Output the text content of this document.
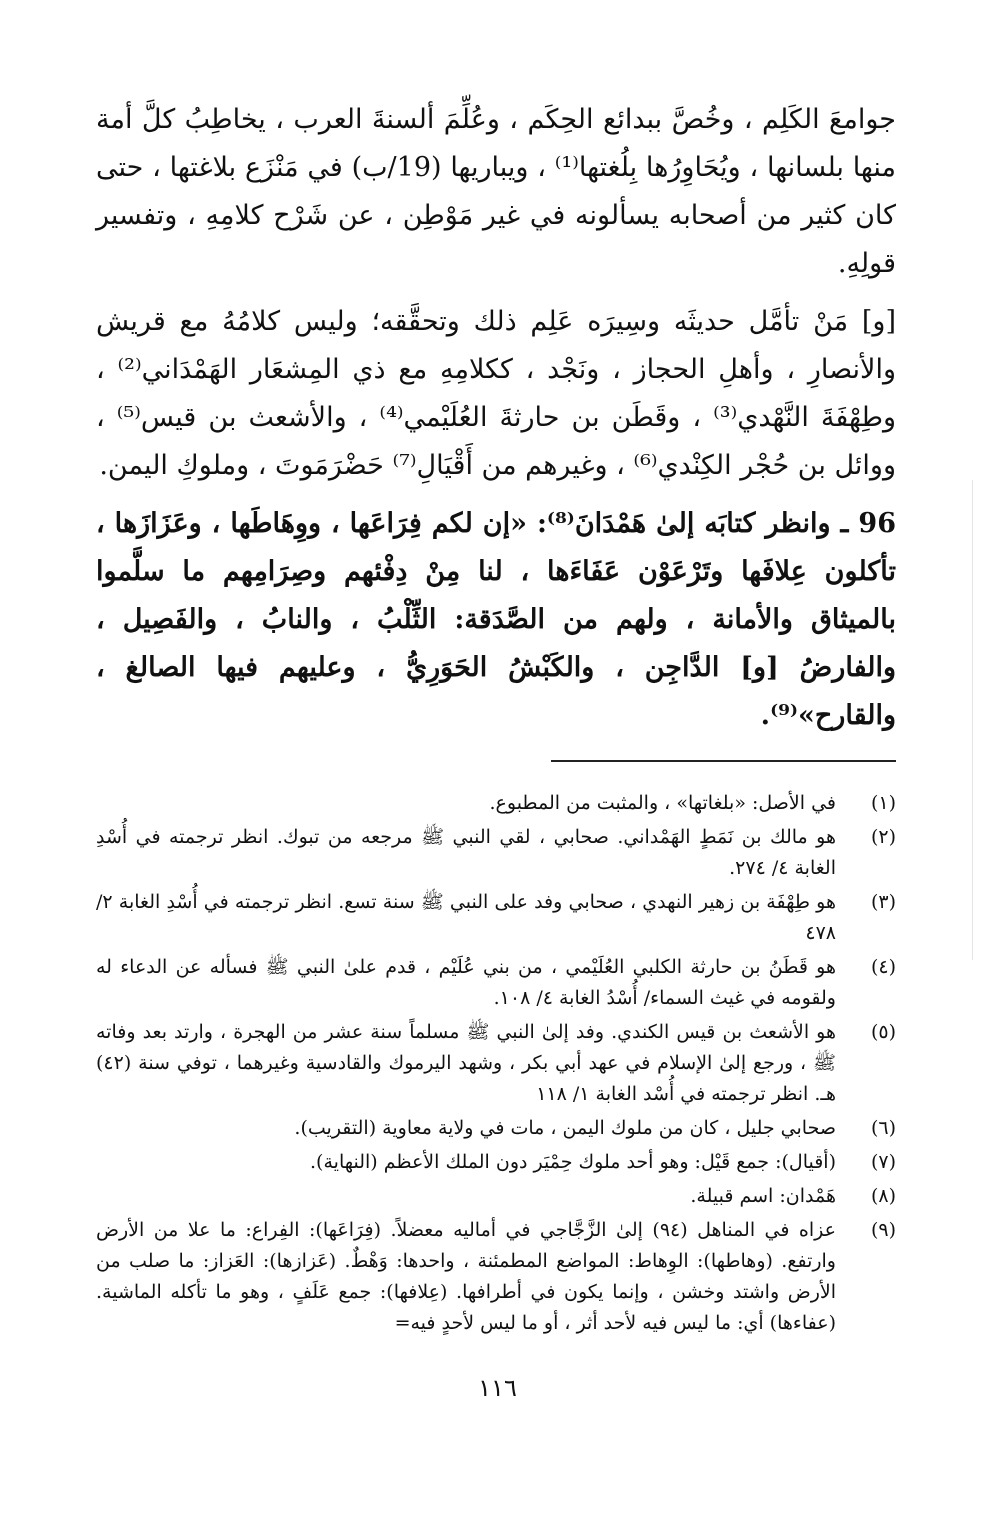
جوامعَ الكَلِم ، وخُصَّ ببدائع الحِكَم ، وعُلِّمَ ألسنةَ العرب ، يخاطِبُ كلَّ أمة منها بلسانها ، ويُحَاوِرُها بِلُغتها⁽¹⁾ ، ويباريها (19/ب) في مَنْزَع بلاغتها ، حتى كان كثير من أصحابه يسألونه في غير مَوْطِن ، عن شَرْح كلامِهِ ، وتفسير قولِهِ.

[و] مَنْ تأمَّل حديثَه وسِيرَه عَلِم ذلك وتحقَّقه؛ وليس كلامُهُ مع قريش والأنصارِ ، وأهلِ الحجاز ، ونَجْد ، ككلامِهِ مع ذي المِشعَار الهَمْدَاني⁽²⁾ ، وطِهْفَةَ النَّهْدي⁽³⁾ ، وقَطَن بن حارثةَ العُلَيْمي⁽⁴⁾ ، والأشعث بن قيس⁽⁵⁾ ، ووائل بن حُجْر الكِنْدي⁽⁶⁾ ، وغيرهم من أَقْيَالِ⁽⁷⁾ حَضْرَمَوتَ ، وملوكِ اليمن.

96 ـ وانظر كتابَه إلىٰ هَمْدَانَ⁽⁸⁾: «إن لكم فِرَاعَها ، ووِهَاطَها ، وعَزَازَها ، تأكلون عِلافَها وتَرْعَوْن عَفَاءَها ، لنا مِنْ دِفْئهم وصِرَامِهم ما سلَّموا بالميثاق والأمانة ، ولهم من الصَّدَقة: الثِّلْبُ ، والنابُ ، والفَصِيل ، والفارضُ [و] الدَّاجِن ، والكَبْشُ الحَوَرِيُّ ، وعليهم فيها الصالغ ، والقارح»⁽⁹⁾.

(١)
في الأصل: «بلغاتها» ، والمثبت من المطبوع.
(٢)
هو مالك بن نَمَطٍ الهَمْداني. صحابي ، لقي النبي ﷺ مرجعه من تبوك. انظر ترجمته في أُسْدِ الغابة ٤/ ٢٧٤.
(٣)
هو طِهْفَة بن زهير النهدي ، صحابي وفد على النبي ﷺ سنة تسع. انظر ترجمته في أُسْدِ الغابة ٢/ ٤٧٨
(٤)
هو قَطَنُ بن حارثة الكلبي العُلَيْمي ، من بني عُلَيْم ، قدم علىٰ النبي ﷺ فسأله عن الدعاء له ولقومه في غيث السماء/ أُسْدُ الغابة ٤/ ١٠٨.
(٥)
هو الأشعث بن قيس الكندي. وفد إلىٰ النبي ﷺ مسلماً سنة عشر من الهجرة ، وارتد بعد وفاته ﷺ ، ورجع إلىٰ الإسلام في عهد أبي بكر ، وشهد اليرموك والقادسية وغيرهما ، توفي سنة (٤٢) هـ. انظر ترجمته في أُسْد الغابة ١/ ١١٨
(٦)
صحابي جليل ، كان من ملوك اليمن ، مات في ولاية معاوية (التقريب).
(٧)
(أقيال): جمع قَيْل: وهو أحد ملوك حِمْيَر دون الملك الأعظم (النهاية).
(٨)
هَمْدان: اسم قبيلة.
(٩)
عزاه في المناهل (٩٤) إلىٰ الزَّجَّاجي في أماليه معضلاً. (فِرَاعَها): الفِراع: ما علا من الأرض وارتفع. (وهاطها): الوِهاط: المواضع المطمئنة ، واحدها: وَهْطٌ. (عَزازها): العَزاز: ما صلب من الأرض واشتد وخشن ، وإنما يكون في أطرافها. (عِلافها): جمع عَلَفٍ ، وهو ما تأكله الماشية. (عفاءها) أي: ما ليس فيه لأحد أثر ، أو ما ليس لأحدٍ فيه=
١١٦
